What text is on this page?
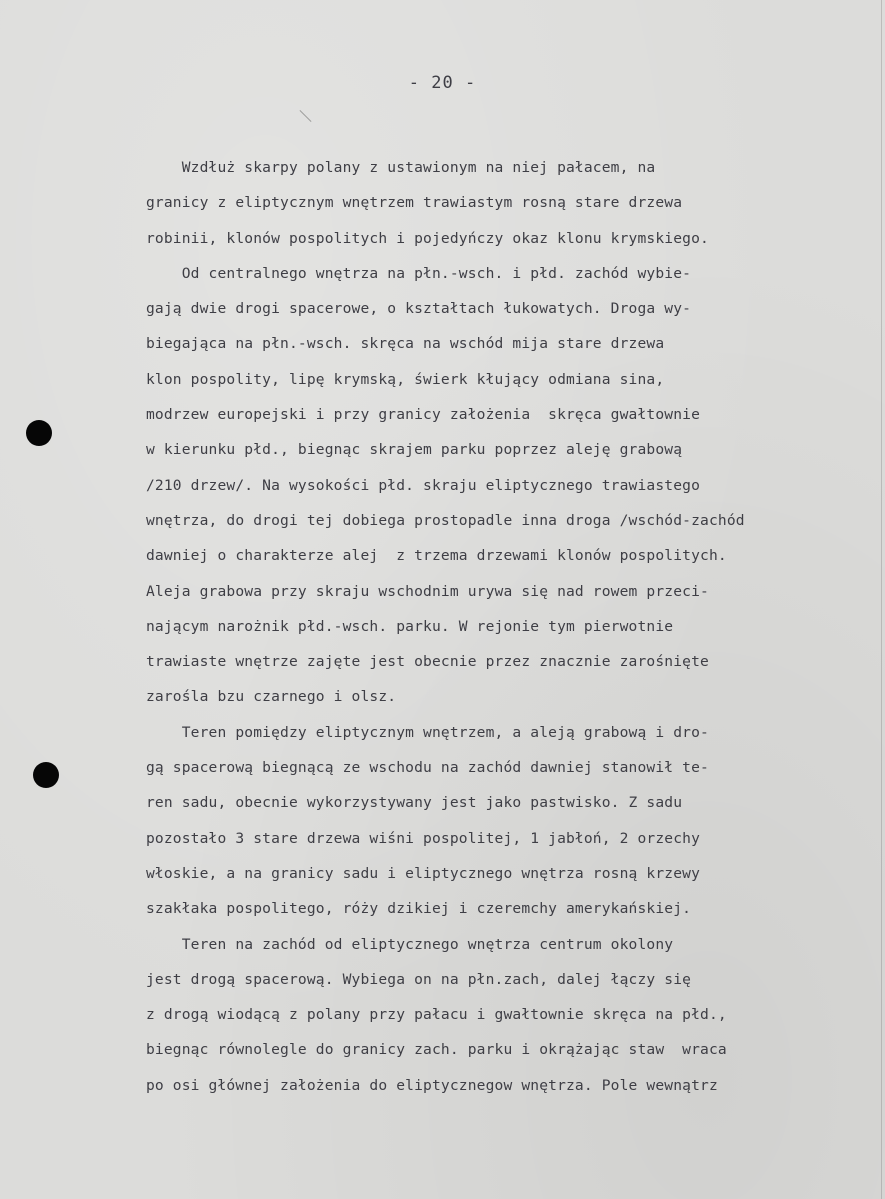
- 20 -
Wzdłuż skarpy polany z ustawionym na niej pałacem, na
granicy z eliptycznym wnętrzem trawiastym rosną stare drzewa
robinii, klonów pospolitych i pojedyńczy okaz klonu krymskiego.
Od centralnego wnętrza na płn.-wsch. i płd. zachód wybie-
gają dwie drogi spacerowe, o kształtach łukowatych. Droga wy-
biegająca na płn.-wsch. skręca na wschód mija stare drzewa
klon pospolity, lipę krymską, świerk kłujący odmiana sina,
modrzew europejski i przy granicy założenia  skręca gwałtownie
w kierunku płd., biegnąc skrajem parku poprzez aleję grabową
/210 drzew/. Na wysokości płd. skraju eliptycznego trawiastego
wnętrza, do drogi tej dobiega prostopadle inna droga /wschód-zachód
dawniej o charakterze alej  z trzema drzewami klonów pospolitych.
Aleja grabowa przy skraju wschodnim urywa się nad rowem przeci-
nającym narożnik płd.-wsch. parku. W rejonie tym pierwotnie
trawiaste wnętrze zajęte jest obecnie przez znacznie zarośnięte
zarośla bzu czarnego i olsz.
Teren pomiędzy eliptycznym wnętrzem, a aleją grabową i dro-
gą spacerową biegnącą ze wschodu na zachód dawniej stanowił te-
ren sadu, obecnie wykorzystywany jest jako pastwisko. Z sadu
pozostało 3 stare drzewa wiśni pospolitej, 1 jabłoń, 2 orzechy
włoskie, a na granicy sadu i eliptycznego wnętrza rosną krzewy
szakłaka pospolitego, róży dzikiej i czeremchy amerykańskiej.
Teren na zachód od eliptycznego wnętrza centrum okolony
jest drogą spacerową. Wybiega on na płn.zach, dalej łączy się
z drogą wiodącą z polany przy pałacu i gwałtownie skręca na płd.,
biegnąc równolegle do granicy zach. parku i okrążając staw  wraca
po osi głównej założenia do eliptycznegow wnętrza. Pole wewnątrz
